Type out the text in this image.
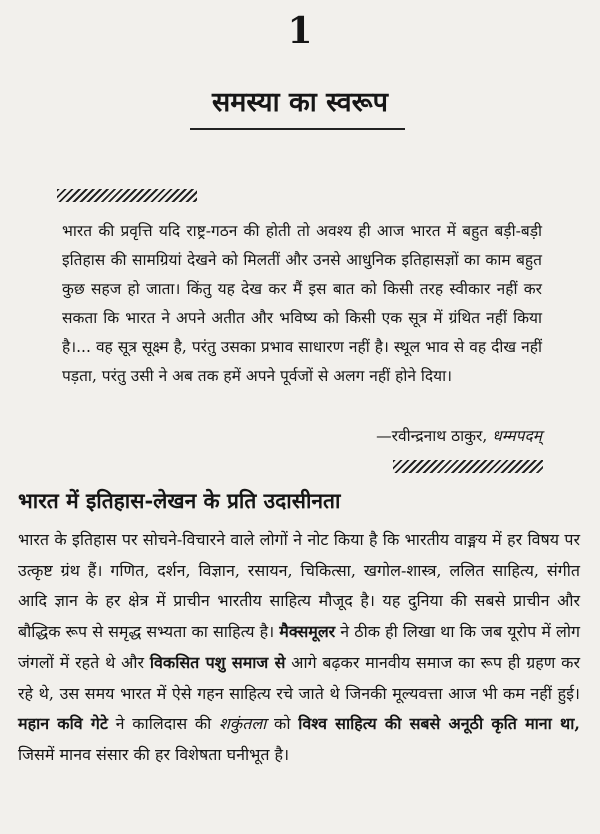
1
समस्या का स्वरूप

भारत की प्रवृत्ति यदि राष्ट्र-गठन की होती तो अवश्य ही आज भारत में बहुत बड़ी-बड़ी इतिहास की सामग्रियां देखने को मिलतीं और उनसे आधुनिक इतिहासज्ञों का काम बहुत कुछ सहज हो जाता। किंतु यह देख कर मैं इस बात को किसी तरह स्वीकार नहीं कर सकता कि भारत ने अपने अतीत और भविष्य को किसी एक सूत्र में ग्रंथित नहीं किया है।... वह सूत्र सूक्ष्म है, परंतु उसका प्रभाव साधारण नहीं है। स्थूल भाव से वह दीख नहीं पड़ता, परंतु उसी ने अब तक हमें अपने पूर्वजों से अलग नहीं होने दिया।

—रवीन्द्रनाथ ठाकुर, धम्मपदम्
भारत में इतिहास-लेखन के प्रति उदासीनता

भारत के इतिहास पर सोचने-विचारने वाले लोगों ने नोट किया है कि भारतीय वाङ्मय में हर विषय पर उत्कृष्ट ग्रंथ हैं। गणित, दर्शन, विज्ञान, रसायन, चिकित्सा, खगोल-शास्त्र, ललित साहित्य, संगीत आदि ज्ञान के हर क्षेत्र में प्राचीन भारतीय साहित्य मौजूद है। यह दुनिया की सबसे प्राचीन और बौद्धिक रूप से समृद्ध सभ्यता का साहित्य है। मैक्समूलर ने ठीक ही लिखा था कि जब यूरोप में लोग जंगलों में रहते थे और विकसित पशु समाज से आगे बढ़कर मानवीय समाज का रूप ही ग्रहण कर रहे थे, उस समय भारत में ऐसे गहन साहित्य रचे जाते थे जिनकी मूल्यवत्ता आज भी कम नहीं हुई। महान कवि गेटे ने कालिदास की शकुंतला को विश्व साहित्य की सबसे अनूठी कृति माना था, जिसमें मानव संसार की हर विशेषता घनीभूत है।
